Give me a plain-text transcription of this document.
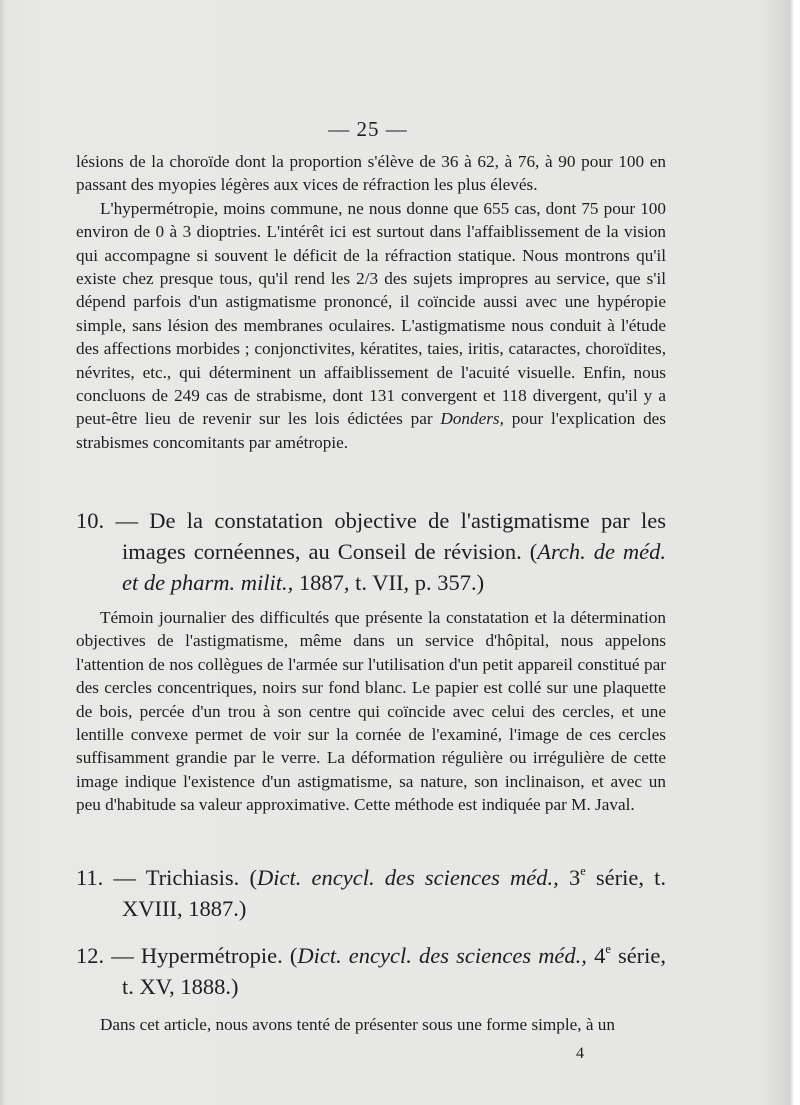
— 25 —

lésions de la choroïde dont la proportion s'élève de 36 à 62, à 76, à 90 pour 100 en passant des myopies légères aux vices de réfraction les plus élevés.

L'hypermétropie, moins commune, ne nous donne que 655 cas, dont 75 pour 100 environ de 0 à 3 dioptries. L'intérêt ici est surtout dans l'affaiblissement de la vision qui accompagne si souvent le déficit de la réfraction statique. Nous montrons qu'il existe chez presque tous, qu'il rend les 2/3 des sujets impropres au service, que s'il dépend parfois d'un astigmatisme prononcé, il coïncide aussi avec une hypéropie simple, sans lésion des membranes oculaires. L'astigmatisme nous conduit à l'étude des affections morbides ; conjonctivites, kératites, taies, iritis, cataractes, choroïdites, névrites, etc., qui déterminent un affaiblissement de l'acuité visuelle. Enfin, nous concluons de 249 cas de strabisme, dont 131 convergent et 118 divergent, qu'il y a peut-être lieu de revenir sur les lois édictées par Donders, pour l'explication des strabismes concomitants par amétropie.

10. — De la constatation objective de l'astigmatisme par les images cornéennes, au Conseil de révision. (Arch. de méd. et de pharm. milit., 1887, t. VII, p. 357.)

Témoin journalier des difficultés que présente la constatation et la détermination objectives de l'astigmatisme, même dans un service d'hôpital, nous appelons l'attention de nos collègues de l'armée sur l'utilisation d'un petit appareil constitué par des cercles concentriques, noirs sur fond blanc. Le papier est collé sur une plaquette de bois, percée d'un trou à son centre qui coïncide avec celui des cercles, et une lentille convexe permet de voir sur la cornée de l'examiné, l'image de ces cercles suffisamment grandie par le verre. La déformation régulière ou irrégulière de cette image indique l'existence d'un astigmatisme, sa nature, son inclinaison, et avec un peu d'habitude sa valeur approximative. Cette méthode est indiquée par M. Javal.

11. — Trichiasis. (Dict. encycl. des sciences méd., 3e série, t. XVIII, 1887.)
12. — Hypermétropie. (Dict. encycl. des sciences méd., 4e série, t. XV, 1888.)

Dans cet article, nous avons tenté de présenter sous une forme simple, à un

4
